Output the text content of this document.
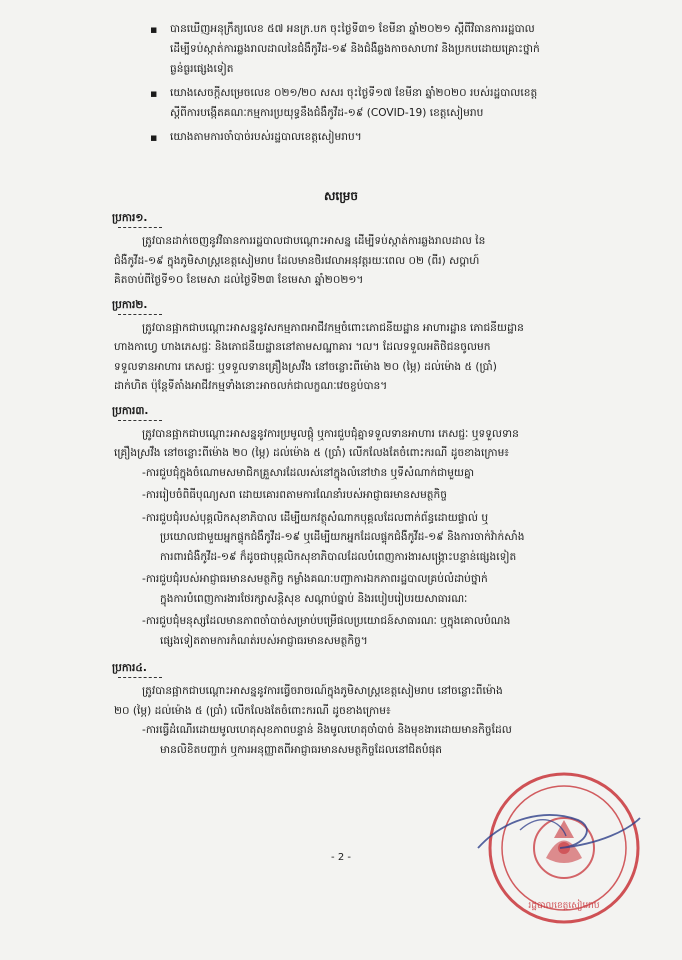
▪ បានឃើញអនុក្រឹត្យលេខ ៥៧ អនក្រ.បក ចុះថ្ងៃទី៣១ ខែមីនា ឆ្នាំ២០២១ ស្ដីពីវិធានការរដ្ឋបាល
ដើម្បីទប់ស្កាត់ការឆ្លងរាលដាលនៃជំងឺកូវីដ-១៩ និងជំងឺឆ្លងកាចសាហាវ និងប្រកបដោយគ្រោះថ្នាក់
ធ្ងន់ធ្ងរផ្សេងទៀត
▪ យោងសេចក្ដីសម្រេចលេខ ០២១/២០ សសរ ចុះថ្ងៃទី១៧ ខែមីនា ឆ្នាំ២០២០ របស់រដ្ឋបាលខេត្ត
ស្ដីពីការបង្កើតគណៈកម្មការប្រយុទ្ធនឹងជំងឺកូវីដ-១៩ (COVID-19) ខេត្តសៀមរាប
▪ យោងតាមការចាំបាច់របស់រដ្ឋបាលខេត្តសៀមរាប។
សម្រេច
ប្រការ១.
ត្រូវបានដាក់ចេញនូវវិធានការរដ្ឋបាលជាបណ្ដោះអាសន្ន ដើម្បីទប់ស្កាត់ការឆ្លងរាលដាល នៃ
ជំងឺកូវីដ-១៩ ក្នុងភូមិសាស្ត្រខេត្តសៀមរាប ដែលមានថិរវេលាអនុវត្តរយៈពេល ០២ (ពីរ) សប្ដាហ៍
គិតចាប់ពីថ្ងៃទី១០ ខែមេសា ដល់ថ្ងៃទី២៣ ខែមេសា ឆ្នាំ២០២១។
ប្រការ២.
ត្រូវបានផ្អាកជាបណ្ដោះអាសន្ននូវសកម្មភាពអាជីវកម្មចំពោះភោជនីយដ្ឋាន អាហារដ្ឋាន ភោជនីយដ្ឋាន
ហាងកាហ្វេ ហាងភេសជ្ជៈ និងភោជនីយដ្ឋាននៅតាមសណ្ឋាគារ ។ល។ ដែលទទួលអតិថិជនចូលមក
ទទួលទានអាហារ ភេសជ្ជៈ ឬទទួលទានគ្រឿងស្រវឹង នៅចន្លោះពីម៉ោង ២០ (ម្ភៃ) ដល់ម៉ោង ៥ (ប្រាំ)
ដាក់ហិត ប៉ុន្តែទីតាំងអាជីវកម្មទាំងនោះអាចលក់ជាលក្ខណៈវេចខ្ចប់បាន។
ប្រការ៣.
ត្រូវបានផ្អាកជាបណ្ដោះអាសន្ននូវការប្រមូលផ្ដុំ ឬការជួបជុំគ្នាទទួលទានអាហារ ភេសជ្ជៈ ឬទទួលទាន
គ្រឿងស្រវឹង នៅចន្លោះពីម៉ោង ២០ (ម្ភៃ) ដល់ម៉ោង ៥ (ប្រាំ) លើកលែងតែចំពោះករណី ដូចខាងក្រោម៖
-ការជួបជុំក្នុងចំណោមសមាជិកគ្រួសារដែលរស់នៅក្នុងលំនៅឋាន ឬទីសំណាក់ជាមួយគ្នា
-ការរៀបចំពិធីបុណ្យសព ដោយគោរពតាមការណែនាំរបស់អាជ្ញាធរមានសមត្ថកិច្ច
-ការជួបជុំរបស់បុគ្គលិកសុខាភិបាល ដើម្បីយកវត្ថុសំណាកបុគ្គលដែលពាក់ព័ន្ធដោយផ្ទាល់ ឬ
ប្រយោលជាមួយអ្នកផ្ទុកជំងឺកូវីដ-១៩ ឬដើម្បីយកអ្នកដែលផ្ទុកជំងឺកូវីដ-១៩ និងការចាក់វ៉ាក់សាំង
ការពារជំងឺកូវីដ-១៩ ក៏ដូចជាបុគ្គលិកសុខាភិបាលដែលបំពេញការងារសង្គ្រោះបន្ទាន់ផ្សេងទៀត
-ការជួបជុំរបស់អាជ្ញាធរមានសមត្ថកិច្ច កម្លាំងគណៈបញ្ជាការឯកភាពរដ្ឋបាលគ្រប់លំដាប់ថ្នាក់
ក្នុងការបំពេញការងារថែរក្សាសន្តិសុខ សណ្ដាប់ធ្នាប់ និងរបៀបរៀបរយសាធារណៈ
-ការជួបជុំមនុស្សដែលមានភាពចាំបាច់សម្រាប់បម្រើផលប្រយោជន៍សាធារណៈ ឬក្នុងគោលបំណង
ផ្សេងទៀតតាមការកំណត់របស់អាជ្ញាធរមានសមត្ថកិច្ច។
ប្រការ៤.
ត្រូវបានផ្អាកជាបណ្ដោះអាសន្ននូវការធ្វើចរាចរណ៍ក្នុងភូមិសាស្ត្រខេត្តសៀមរាប នៅចន្លោះពីម៉ោង
២០ (ម្ភៃ) ដល់ម៉ោង ៥ (ប្រាំ) លើកលែងតែចំពោះករណី ដូចខាងក្រោម៖
-ការធ្វើដំណើរដោយមូលហេតុសុខភាពបន្ទាន់ និងមូលហេតុចាំបាច់ និងមុខងារដោយមានកិច្ចដែល
មានលិខិតបញ្ជាក់ ឬការអនុញ្ញាតពីអាជ្ញាធរមានសមត្ថកិច្ចដែលនៅជិតបំផុត
- 2 -
រដ្ឋបាលខេត្តសៀមរាប
